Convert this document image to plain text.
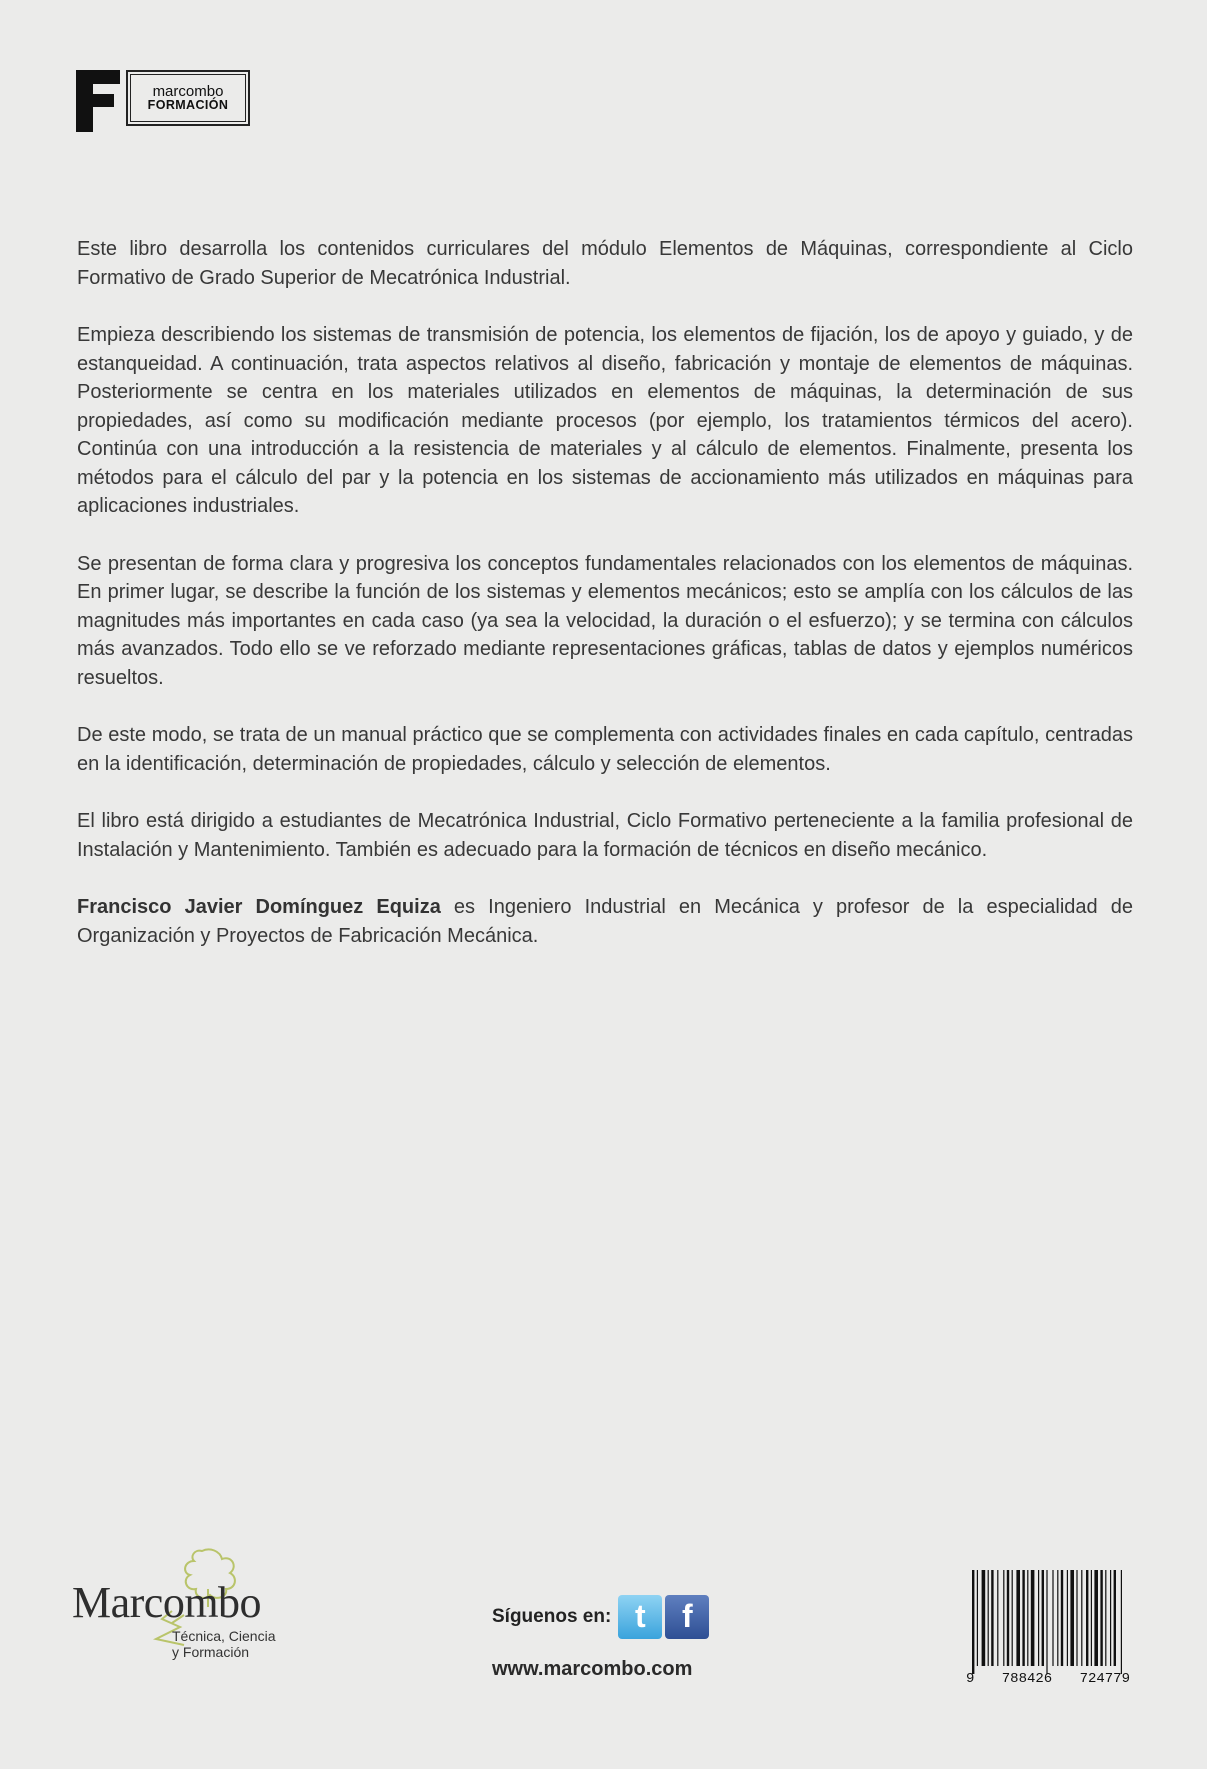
marcombo
FORMACIÓN

Este libro desarrolla los contenidos curriculares del módulo Elementos de Máquinas, correspondiente al Ciclo Formativo de Grado Superior de Mecatrónica Industrial.

Empieza describiendo los sistemas de transmisión de potencia, los elementos de fijación, los de apoyo y guiado, y de estanqueidad. A continuación, trata aspectos relativos al diseño, fabricación y montaje de elementos de máquinas. Posteriormente se centra en los materiales utilizados en elementos de máquinas, la determinación de sus propiedades, así como su modificación mediante procesos (por ejemplo, los tratamientos térmicos del acero). Continúa con una introducción a la resistencia de materiales y al cálculo de elementos. Finalmente, presenta los métodos para el cálculo del par y la potencia en los sistemas de accionamiento más utilizados en máquinas para aplicaciones industriales.

Se presentan de forma clara y progresiva los conceptos fundamentales relacionados con los elementos de máquinas. En primer lugar, se describe la función de los sistemas y elementos mecánicos; esto se amplía con los cálculos de las magnitudes más importantes en cada caso (ya sea la velocidad, la duración o el esfuerzo); y se termina con cálculos más avanzados. Todo ello se ve reforzado mediante representaciones gráficas, tablas de datos y ejemplos numéricos resueltos.

De este modo, se trata de un manual práctico que se complementa con actividades finales en cada capítulo, centradas en la identificación, determinación de propiedades, cálculo y selección de elementos.

El libro está dirigido a estudiantes de Mecatrónica Industrial, Ciclo Formativo perteneciente a la familia profesional de Instalación y Mantenimiento. También es adecuado para la formación de técnicos en diseño mecánico.

Francisco Javier Domínguez Equiza es Ingeniero Industrial en Mecánica y profesor de la especialidad de Organización y Proyectos de Fabricación Mecánica.

Marcombo
Técnica, Ciencia
y Formación
Síguenos en: t	f
www.marcombo.com	9 788426 724779
